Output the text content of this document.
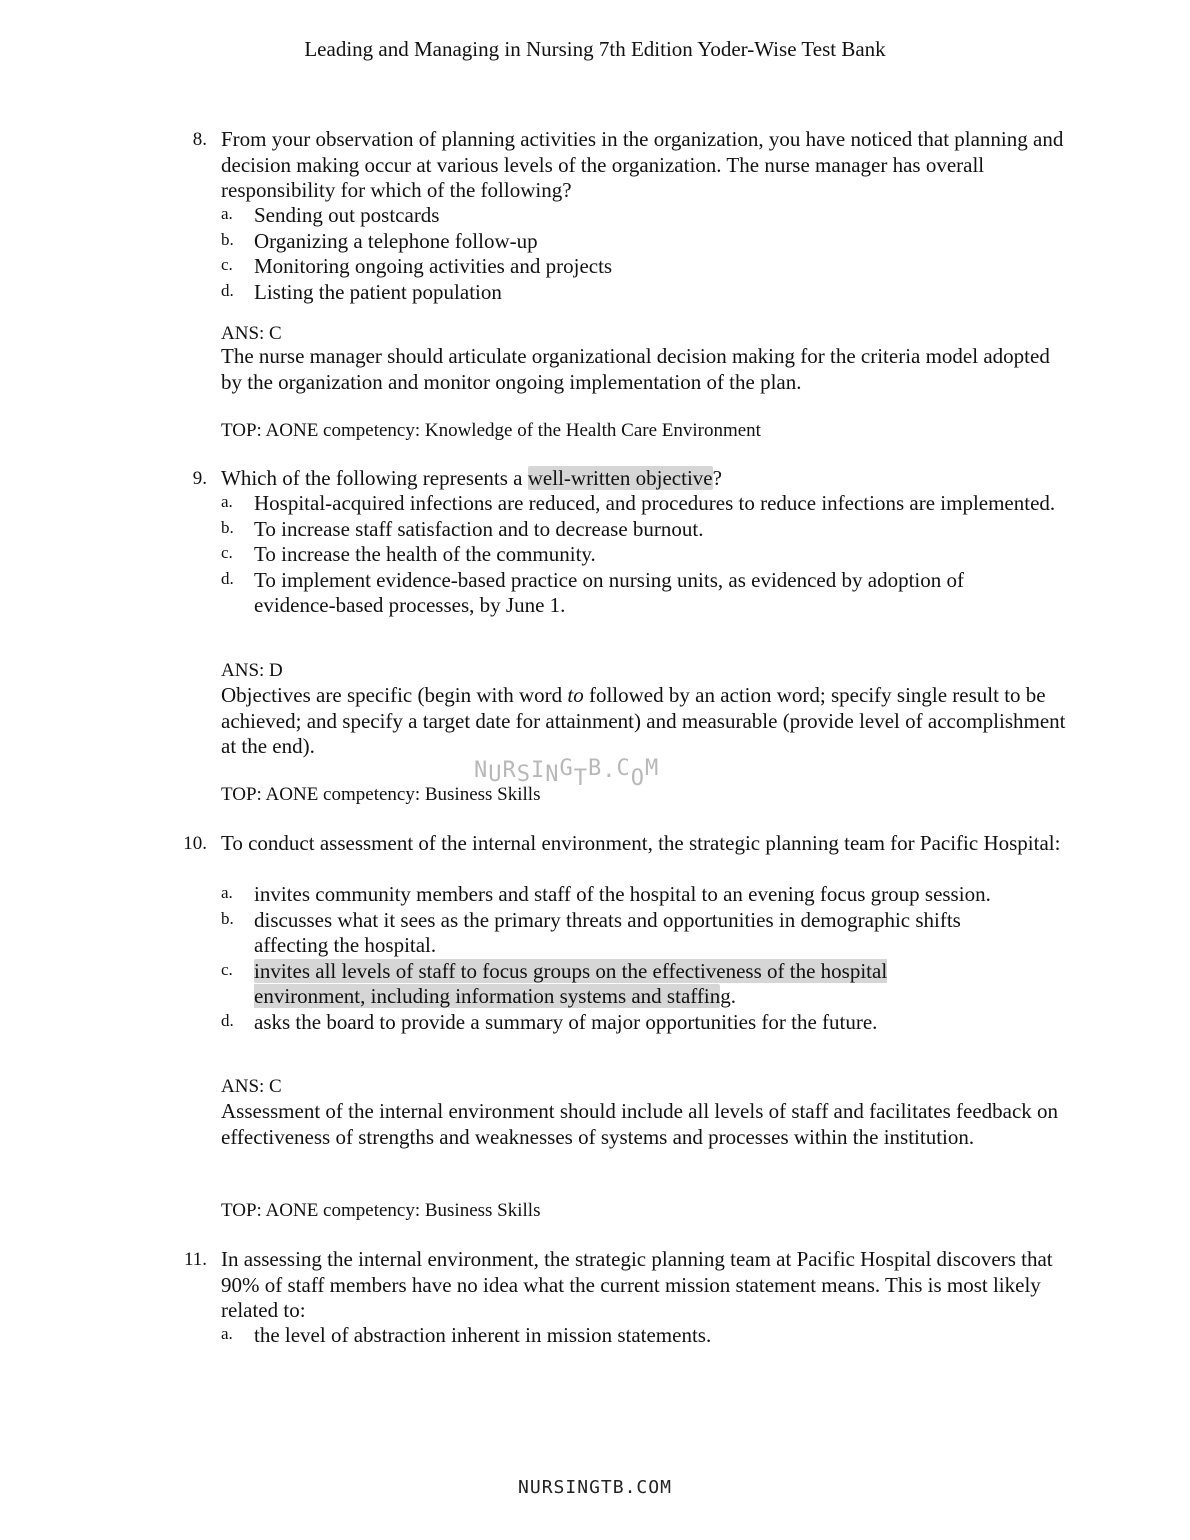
Leading and Managing in Nursing 7th Edition Yoder-Wise Test Bank
8. From your observation of planning activities in the organization, you have noticed that planning and decision making occur at various levels of the organization. The nurse manager has overall responsibility for which of the following?
a. Sending out postcards
b. Organizing a telephone follow-up
c. Monitoring ongoing activities and projects
d. Listing the patient population
ANS: C
The nurse manager should articulate organizational decision making for the criteria model adopted by the organization and monitor ongoing implementation of the plan.
TOP: AONE competency: Knowledge of the Health Care Environment
9. Which of the following represents a well-written objective?
a. Hospital-acquired infections are reduced, and procedures to reduce infections are implemented.
b. To increase staff satisfaction and to decrease burnout.
c. To increase the health of the community.
d. To implement evidence-based practice on nursing units, as evidenced by adoption of evidence-based processes, by June 1.
ANS: D
Objectives are specific (begin with word to followed by an action word; specify single result to be achieved; and specify a target date for attainment) and measurable (provide level of accomplishment at the end).
TOP: AONE competency: Business Skills
NURSINGTB.COM
10. To conduct assessment of the internal environment, the strategic planning team for Pacific Hospital:
a. invites community members and staff of the hospital to an evening focus group session.
b. discusses what it sees as the primary threats and opportunities in demographic shifts affecting the hospital.
c. invites all levels of staff to focus groups on the effectiveness of the hospital environment, including information systems and staffing.
d. asks the board to provide a summary of major opportunities for the future.
ANS: C
Assessment of the internal environment should include all levels of staff and facilitates feedback on effectiveness of strengths and weaknesses of systems and processes within the institution.
TOP: AONE competency: Business Skills
11. In assessing the internal environment, the strategic planning team at Pacific Hospital discovers that 90% of staff members have no idea what the current mission statement means. This is most likely related to:
a. the level of abstraction inherent in mission statements.
NURSINGTB.COM
